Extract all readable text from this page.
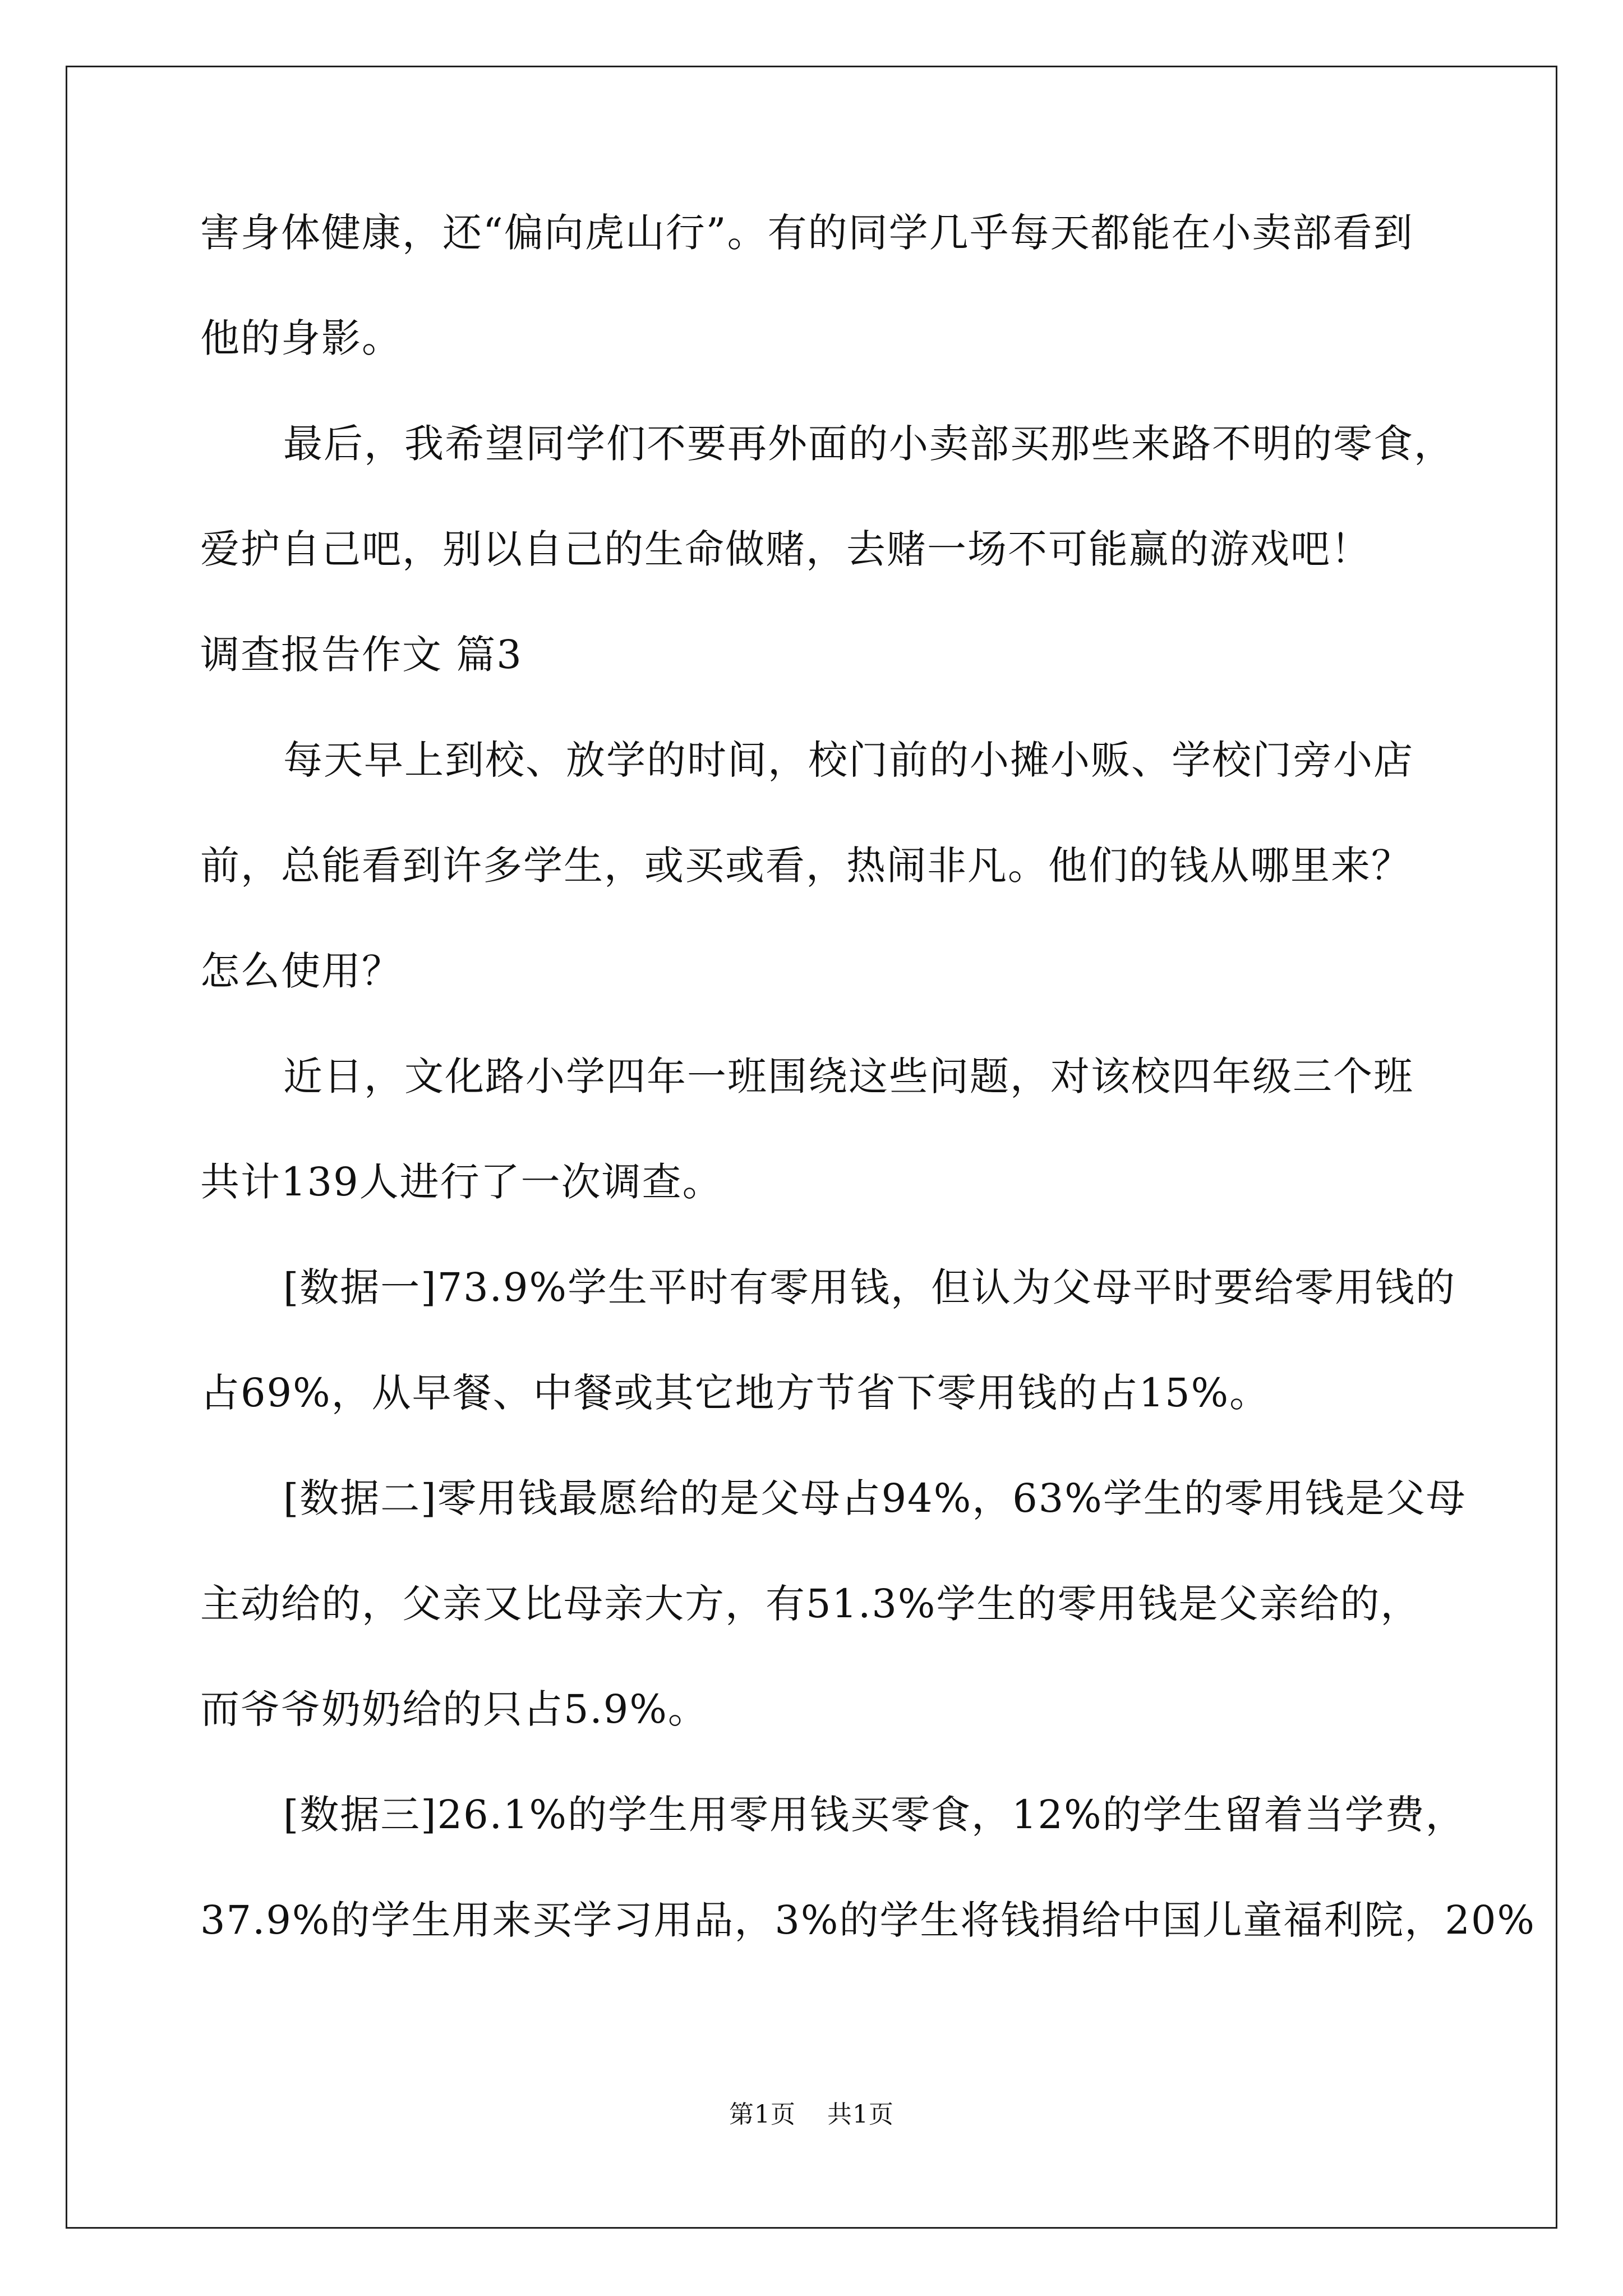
害身体健康，还“偏向虎山行”。有的同学几乎每天都能在小卖部看到
他的身影。
最后，我希望同学们不要再外面的小卖部买那些来路不明的零食，
爱护自己吧，别以自己的生命做赌，去赌一场不可能赢的游戏吧！
调查报告作文 篇3
每天早上到校、放学的时间，校门前的小摊小贩、学校门旁小店
前，总能看到许多学生，或买或看，热闹非凡。他们的钱从哪里来？
怎么使用？
近日，文化路小学四年一班围绕这些问题，对该校四年级三个班
共计139人进行了一次调查。
[数据一]73.9%学生平时有零用钱，但认为父母平时要给零用钱的
占69%，从早餐、中餐或其它地方节省下零用钱的占15%。
[数据二]零用钱最愿给的是父母占94%，63%学生的零用钱是父母
主动给的，父亲又比母亲大方，有51.3%学生的零用钱是父亲给的，
而爷爷奶奶给的只占5.9%。
[数据三]26.1%的学生用零用钱买零食，12%的学生留着当学费，
37.9%的学生用来买学习用品，3%的学生将钱捐给中国儿童福利院，20%
第1页 共1页
